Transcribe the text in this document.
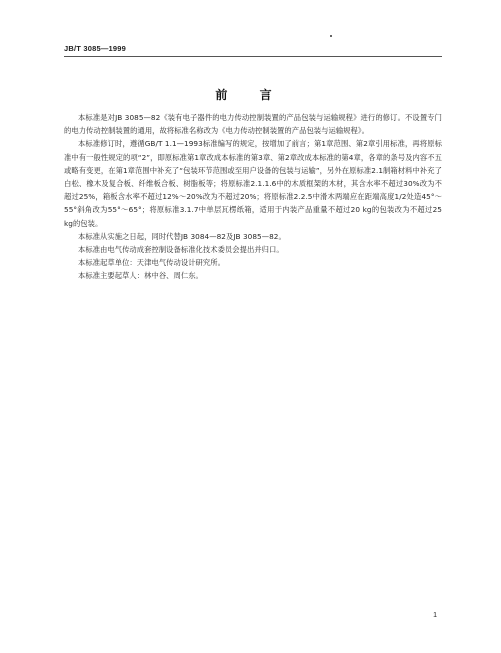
JB/T 3085—1999
前 言

本标准是对JB 3085—82《装有电子器件的电力传动控制装置的产品包装与运输规程》进行的修订。不设置专门的电力传动控制装置的通用，故将标准名称改为《电力传动控制装置的产品包装与运输规程》。

本标准修订时，遵循GB/T 1.1—1993标准编写的规定，按增加了前言；第1章范围、第2章引用标准，再将原标准中有一般性规定的项“2”，即原标准第1章改成本标准的第3章、第2章改成本标准的第4章，各章的条号及内容不五或略有变更，在第1章范围中补充了“包装环节范围或至用户设备的包装与运输”，另外在原标准2.1制箱材料中补充了白松、橡木及复合板、纤维板合板、树脂板等；将原标准2.1.1.6中的木质框架的木材，其含水率不超过30%改为不超过25%，箱板含水率不超过12%～20%改为不超过20%；将原标准2.2.5中滑木两端应在距端高度1/2处造45°～55°斜角改为55°～65°；将原标准3.1.7中单层瓦楞纸箱，适用于内装产品重量不超过20 kg的包装改为不超过25 kg的包装。

本标准从实施之日起，同时代替JB 3084—82及JB 3085—82。

本标准由电气传动成套控制设备标准化技术委员会提出并归口。

本标准起草单位：天津电气传动设计研究所。

本标准主要起草人：林中谷、周仁东。

1
